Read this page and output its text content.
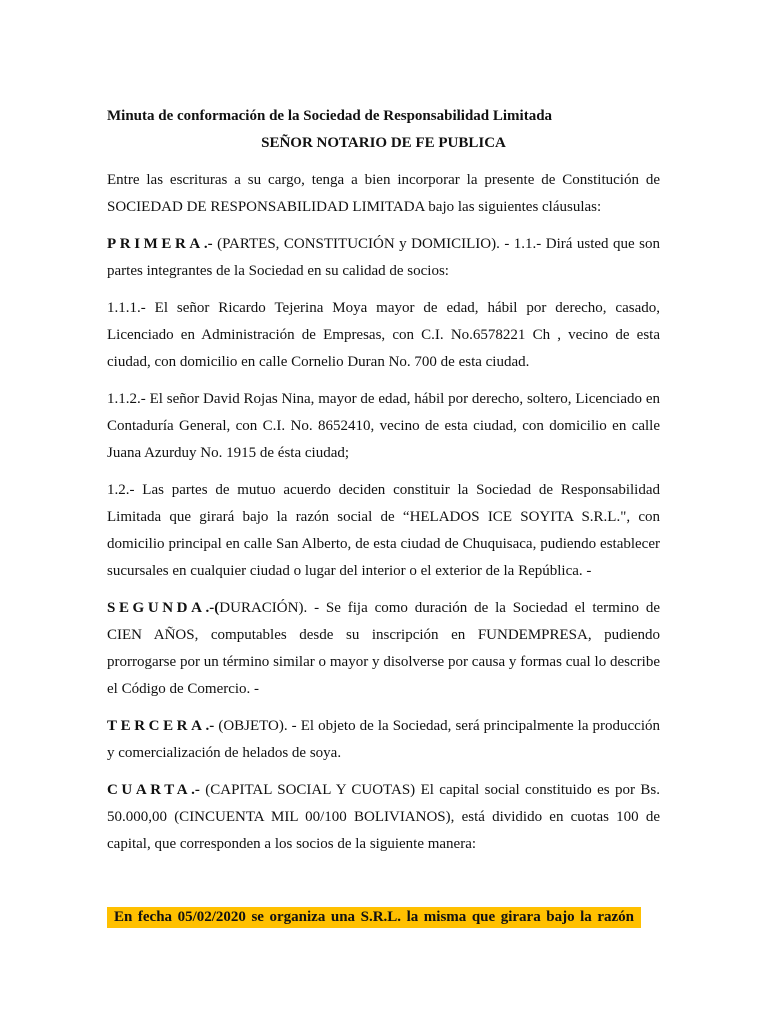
Minuta de conformación de la Sociedad de Responsabilidad Limitada

SEÑOR NOTARIO DE FE PUBLICA

Entre las escrituras a su cargo, tenga a bien incorporar la presente de Constitución de SOCIEDAD DE RESPONSABILIDAD LIMITADA bajo las siguientes cláusulas:

PRIMERA.- (PARTES, CONSTITUCIÓN y DOMICILIO). - 1.1.- Dirá usted que son partes integrantes de la Sociedad en su calidad de socios:

1.1.1.- El señor Ricardo Tejerina Moya mayor de edad, hábil por derecho, casado, Licenciado en Administración de Empresas, con C.I. No.6578221 Ch , vecino de esta ciudad, con domicilio en calle Cornelio Duran No. 700 de esta ciudad.

1.1.2.- El señor David Rojas Nina, mayor de edad, hábil por derecho, soltero, Licenciado en Contaduría General, con C.I. No. 8652410, vecino de esta ciudad, con domicilio en calle Juana Azurduy No. 1915 de ésta ciudad;

1.2.- Las partes de mutuo acuerdo deciden constituir la Sociedad de Responsabilidad Limitada que girará bajo la razón social de “HELADOS ICE SOYITA S.R.L.", con domicilio principal en calle San Alberto, de esta ciudad de Chuquisaca, pudiendo establecer sucursales en cualquier ciudad o lugar del interior o el exterior de la República. -

SEGUNDA.-(DURACIÓN). - Se fija como duración de la Sociedad el termino de CIEN AÑOS, computables desde su inscripción en FUNDEMPRESA, pudiendo prorrogarse por un término similar o mayor y disolverse por causa y formas cual lo describe el Código de Comercio. -

TERCERA.- (OBJETO). - El objeto de la Sociedad, será principalmente la producción y comercialización de helados de soya.

CUARTA.- (CAPITAL SOCIAL Y CUOTAS) El capital social constituido es por Bs. 50.000,00 (CINCUENTA MIL 00/100 BOLIVIANOS), está dividido en cuotas 100 de capital, que corresponden a los socios de la siguiente manera:

En fecha 05/02/2020 se organiza una S.R.L. la misma que girara bajo la razón
